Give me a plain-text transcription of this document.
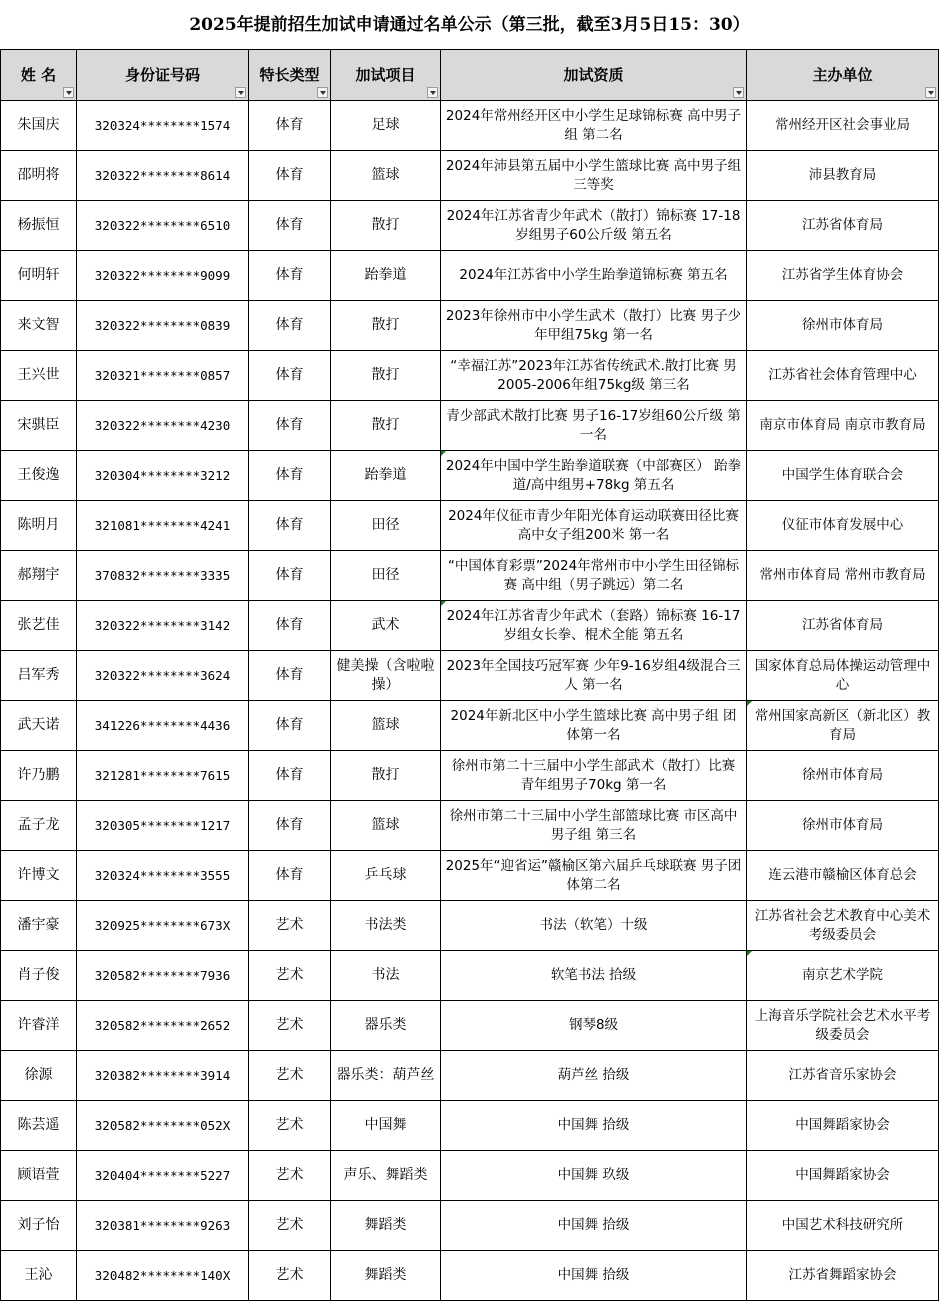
2025年提前招生加试申请通过名单公示（第三批，截至3月5日15：30）
姓 名	身份证号码	特长类型	加试项目	加试资质	主办单位

朱国庆	320324********1574	体育	足球	2024年常州经开区中小学生足球锦标赛 高中男子组 第二名	常州经开区社会事业局
邵明将	320322********8614	体育	篮球	2024年沛县第五届中小学生篮球比赛 高中男子组 三等奖	沛县教育局
杨振恒	320322********6510	体育	散打	2024年江苏省青少年武术（散打）锦标赛 17-18岁组男子60公斤级 第五名	江苏省体育局
何明轩	320322********9099	体育	跆拳道	2024年江苏省中小学生跆拳道锦标赛 第五名	江苏省学生体育协会
来文智	320322********0839	体育	散打	2023年徐州市中小学生武术（散打）比赛 男子少年甲组75kg 第一名	徐州市体育局
王兴世	320321********0857	体育	散打	“幸福江苏”2023年江苏省传统武术.散打比赛 男2005-2006年组75kg级 第三名	江苏省社会体育管理中心
宋骐臣	320322********4230	体育	散打	青少部武术散打比赛 男子16-17岁组60公斤级 第一名	南京市体育局 南京市教育局
王俊逸	320304********3212	体育	跆拳道	2024年中国中学生跆拳道联赛（中部赛区） 跆拳道/高中组男+78kg 第五名	中国学生体育联合会
陈明月	321081********4241	体育	田径	2024年仪征市青少年阳光体育运动联赛田径比赛 高中女子组200米 第一名	仪征市体育发展中心
郝翔宇	370832********3335	体育	田径	“中国体育彩票”2024年常州市中小学生田径锦标赛 高中组（男子跳远）第二名	常州市体育局 常州市教育局
张艺佳	320322********3142	体育	武术	2024年江苏省青少年武术（套路）锦标赛 16-17岁组女长拳、棍术全能 第五名	江苏省体育局
吕军秀	320322********3624	体育	健美操（含啦啦操）	2023年全国技巧冠军赛 少年9-16岁组4级混合三人 第一名	国家体育总局体操运动管理中心
武天诺	341226********4436	体育	篮球	2024年新北区中小学生篮球比赛 高中男子组 团体第一名	常州国家高新区（新北区）教育局
许乃鹏	321281********7615	体育	散打	徐州市第二十三届中小学生部武术（散打）比赛 青年组男子70kg 第一名	徐州市体育局
孟子龙	320305********1217	体育	篮球	徐州市第二十三届中小学生部篮球比赛 市区高中男子组 第三名	徐州市体育局
许博文	320324********3555	体育	乒乓球	2025年“迎省运”赣榆区第六届乒乓球联赛 男子团体第二名	连云港市赣榆区体育总会
潘宇豪	320925********673X	艺术	书法类	书法（软笔）十级	江苏省社会艺术教育中心美术考级委员会
肖子俊	320582********7936	艺术	书法	软笔书法 拾级	南京艺术学院
许睿洋	320582********2652	艺术	器乐类	钢琴8级	上海音乐学院社会艺术水平考级委员会
徐源	320382********3914	艺术	器乐类：葫芦丝	葫芦丝 拾级	江苏省音乐家协会
陈芸遥	320582********052X	艺术	中国舞	中国舞 拾级	中国舞蹈家协会
顾语萱	320404********5227	艺术	声乐、舞蹈类	中国舞 玖级	中国舞蹈家协会
刘子怡	320381********9263	艺术	舞蹈类	中国舞 拾级	中国艺术科技研究所
王沁	320482********140X	艺术	舞蹈类	中国舞 拾级	江苏省舞蹈家协会
